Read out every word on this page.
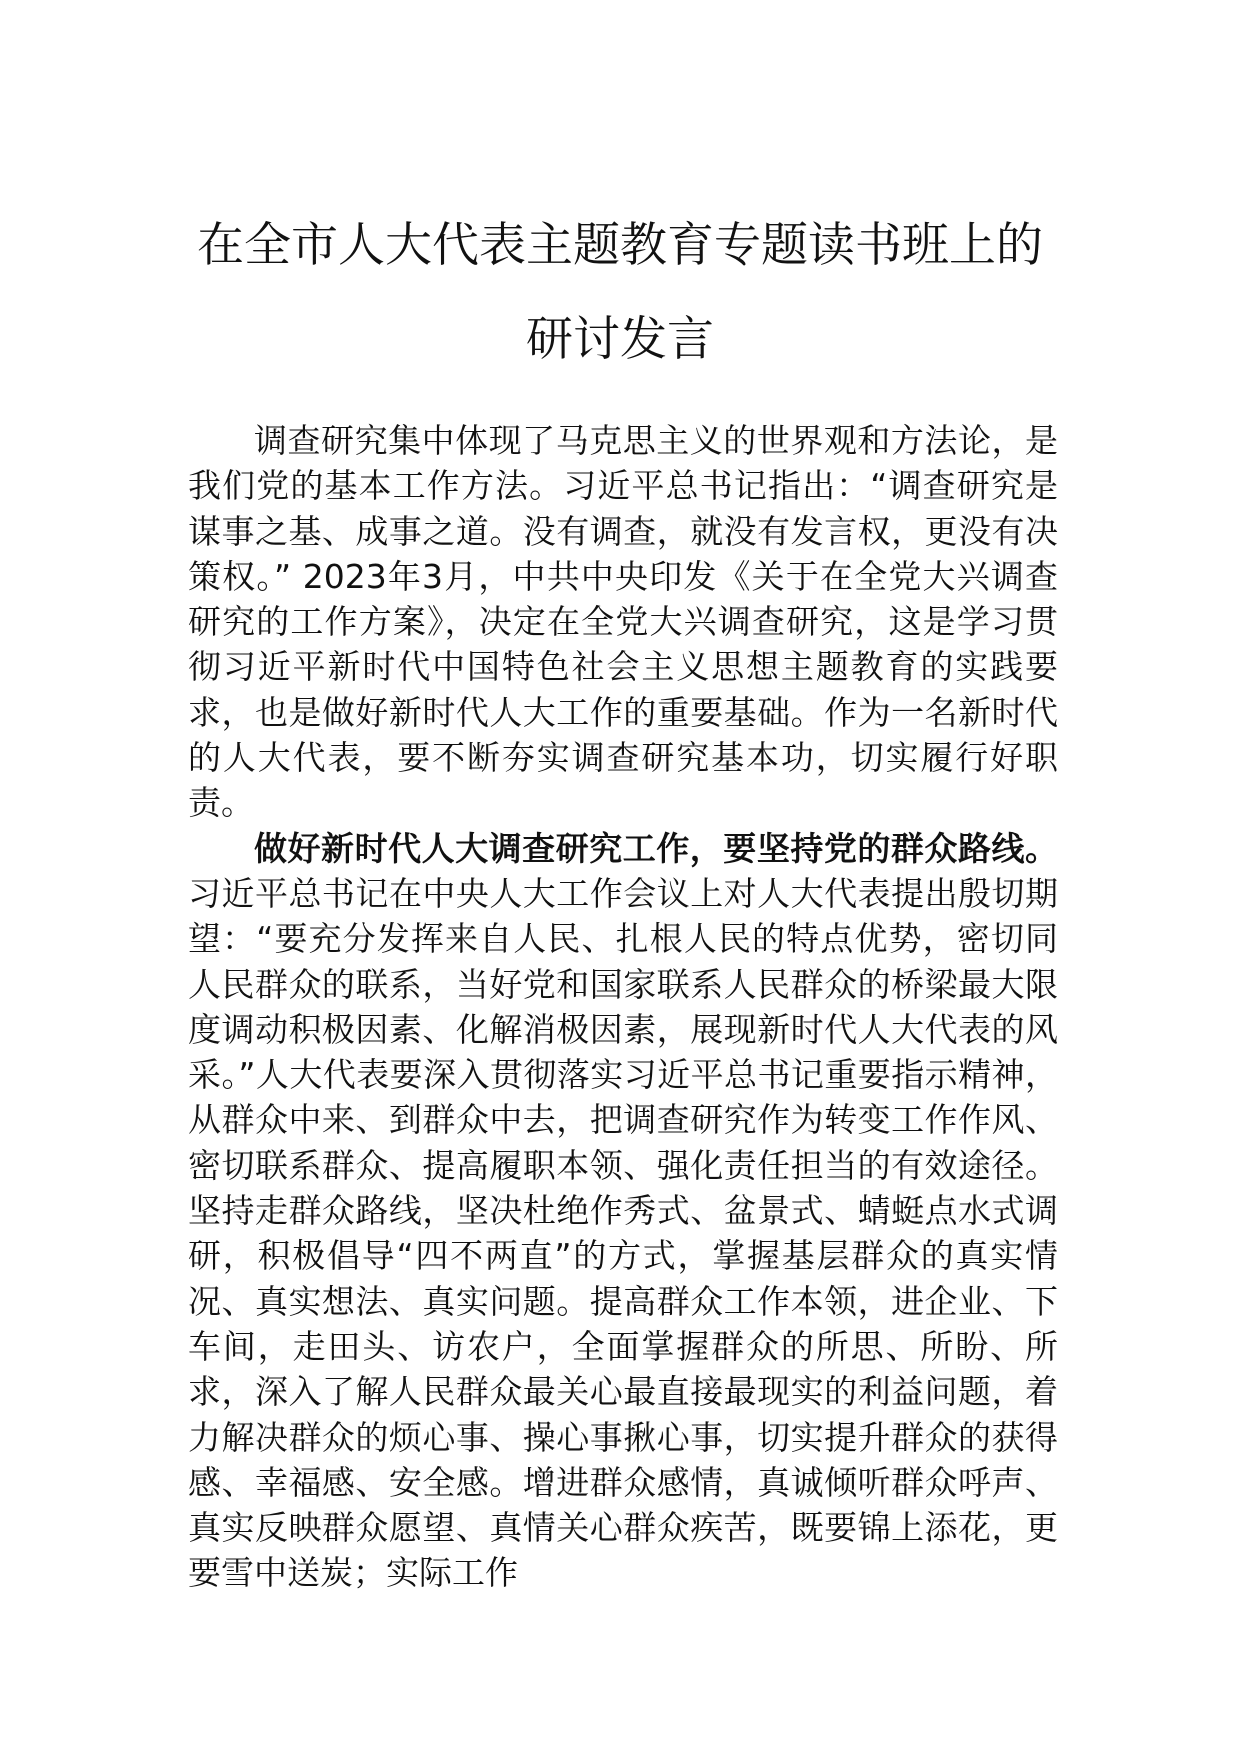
在全市人大代表主题教育专题读书班上的
研讨发言

调查研究集中体现了马克思主义的世界观和方法论，是我们党的基本工作方法。习近平总书记指出：“调查研究是谋事之基、成事之道。没有调查，就没有发言权，更没有决策权。” 2023年3月，中共中央印发《关于在全党大兴调查研究的工作方案》，决定在全党大兴调查研究，这是学习贯彻习近平新时代中国特色社会主义思想主题教育的实践要求，也是做好新时代人大工作的重要基础。作为一名新时代的人大代表，要不断夯实调查研究基本功，切实履行好职责。

做好新时代人大调查研究工作，要坚持党的群众路线。习近平总书记在中央人大工作会议上对人大代表提出殷切期望：“要充分发挥来自人民、扎根人民的特点优势，密切同人民群众的联系，当好党和国家联系人民群众的桥梁最大限度调动积极因素、化解消极因素，展现新时代人大代表的风采。”人大代表要深入贯彻落实习近平总书记重要指示精神，从群众中来、到群众中去，把调查研究作为转变工作作风、密切联系群众、提高履职本领、强化责任担当的有效途径。坚持走群众路线，坚决杜绝作秀式、盆景式、蜻蜓点水式调研，积极倡导“四不两直”的方式，掌握基层群众的真实情况、真实想法、真实问题。提高群众工作本领，进企业、下车间，走田头、访农户，全面掌握群众的所思、所盼、所求，深入了解人民群众最关心最直接最现实的利益问题，着力解决群众的烦心事、操心事揪心事，切实提升群众的获得感、幸福感、安全感。增进群众感情，真诚倾听群众呼声、真实反映群众愿望、真情关心群众疾苦，既要锦上添花，更要雪中送炭；实际工作
